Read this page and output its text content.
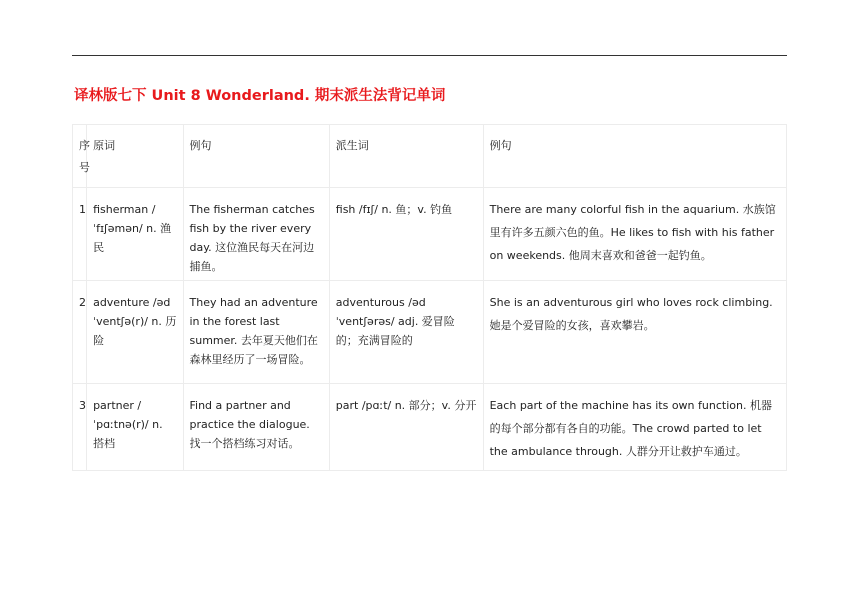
译林版七下 Unit 8 Wonderland. 期末派生法背记单词
序号	原词	例句	派生词	例句
1	fisherman /ˈfɪʃəmən/ n. 渔民	The fisherman catches fish by the river every day. 这位渔民每天在河边捕鱼。	fish /fɪʃ/ n. 鱼；v. 钓鱼	There are many colorful fish in the aquarium. 水族馆里有许多五颜六色的鱼。He likes to fish with his father on weekends. 他周末喜欢和爸爸一起钓鱼。
2	adventure /ədˈventʃə(r)/ n. 历险	They had an adventure in the forest last summer. 去年夏天他们在森林里经历了一场冒险。	adventurous /ədˈventʃərəs/ adj. 爱冒险的；充满冒险的	She is an adventurous girl who loves rock climbing. 她是个爱冒险的女孩，喜欢攀岩。
3	partner /ˈpɑːtnə(r)/ n. 搭档	Find a partner and practice the dialogue. 找一个搭档练习对话。	part /pɑːt/ n. 部分；v. 分开	Each part of the machine has its own function. 机器的每个部分都有各自的功能。The crowd parted to let the ambulance through. 人群分开让救护车通过。
